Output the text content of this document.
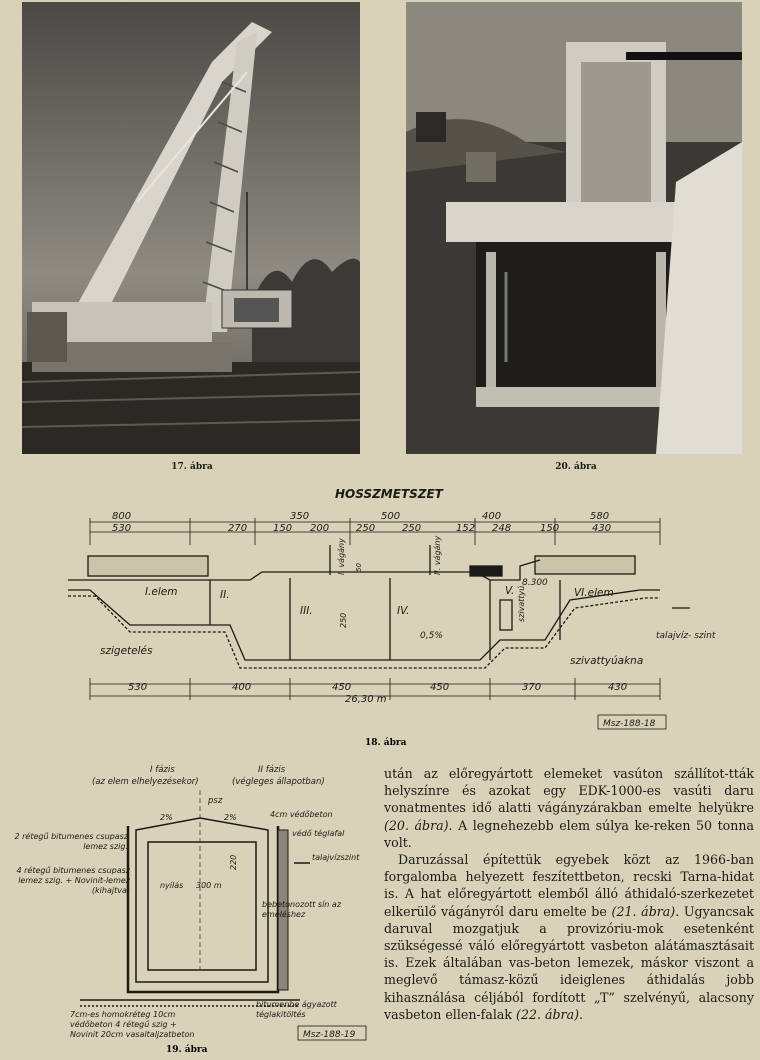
17. ábra	20. ábra
HOSSZMETSZET
800	350	500	400	580
530	270	150 200	250	250	152 248	150	430
I.elem	II.
III.	IV.
V.	VI.elem
I. vágány	II. vágány
8.300
szivattyú
0,5%
250
50
szigetelés
talajvíz- szint
szivattyúakna
530	400	450	450	370	430
26,30 m
Msz-188-18
18. ábra
I fázis
(az elem elhelyezésekor)
II fázis
(végleges állapotban)
psz
2%	2%	4cm védőbeton
védő téglafal
talajvízszint
nyílás 300 m
220
2 rétegű bitumenes csupasz lemez szig.
4 rétegű bitumenes csupasz lemez szig. + Novinit-lemez (kihajtva)
bebetonozott sín az emeléshez
7cm-es homokréteg 10cm védőbeton 4 rétegű szig + Novinit 20cm vasaltaljzatbeton
bitumenbe ágyazott téglakitöltés
Msz-188-19
19. ábra

után az előregyártott elemeket vasúton szállítot-tták helyszínre és azokat egy EDK-1000-es vasúti daru vonatmentes idő alatti vágányzárakban emelte helyükre (20. ábra). A legnehezebb elem súlya ke-reken 50 tonna volt.

Daruzással építettük egyebek közt az 1966-ban forgalomba helyezett feszítettbeton, recski Tarna-hidat is. A hat előregyártott elemből álló áthidaló-szerkezetet elkerülő vágányról daru emelte be (21. ábra). Ugyancsak daruval mozgatjuk a provizóriu-mok esetenként szükségessé váló előregyártott vasbeton alátámasztásait is. Ezek általában vas-beton lemezek, máskor viszont a meglevő támasz-közű ideiglenes áthidalás jobb kihasználása céljából fordított „T” szelvényű, alacsony vasbeton ellen-falak (22. ábra).
